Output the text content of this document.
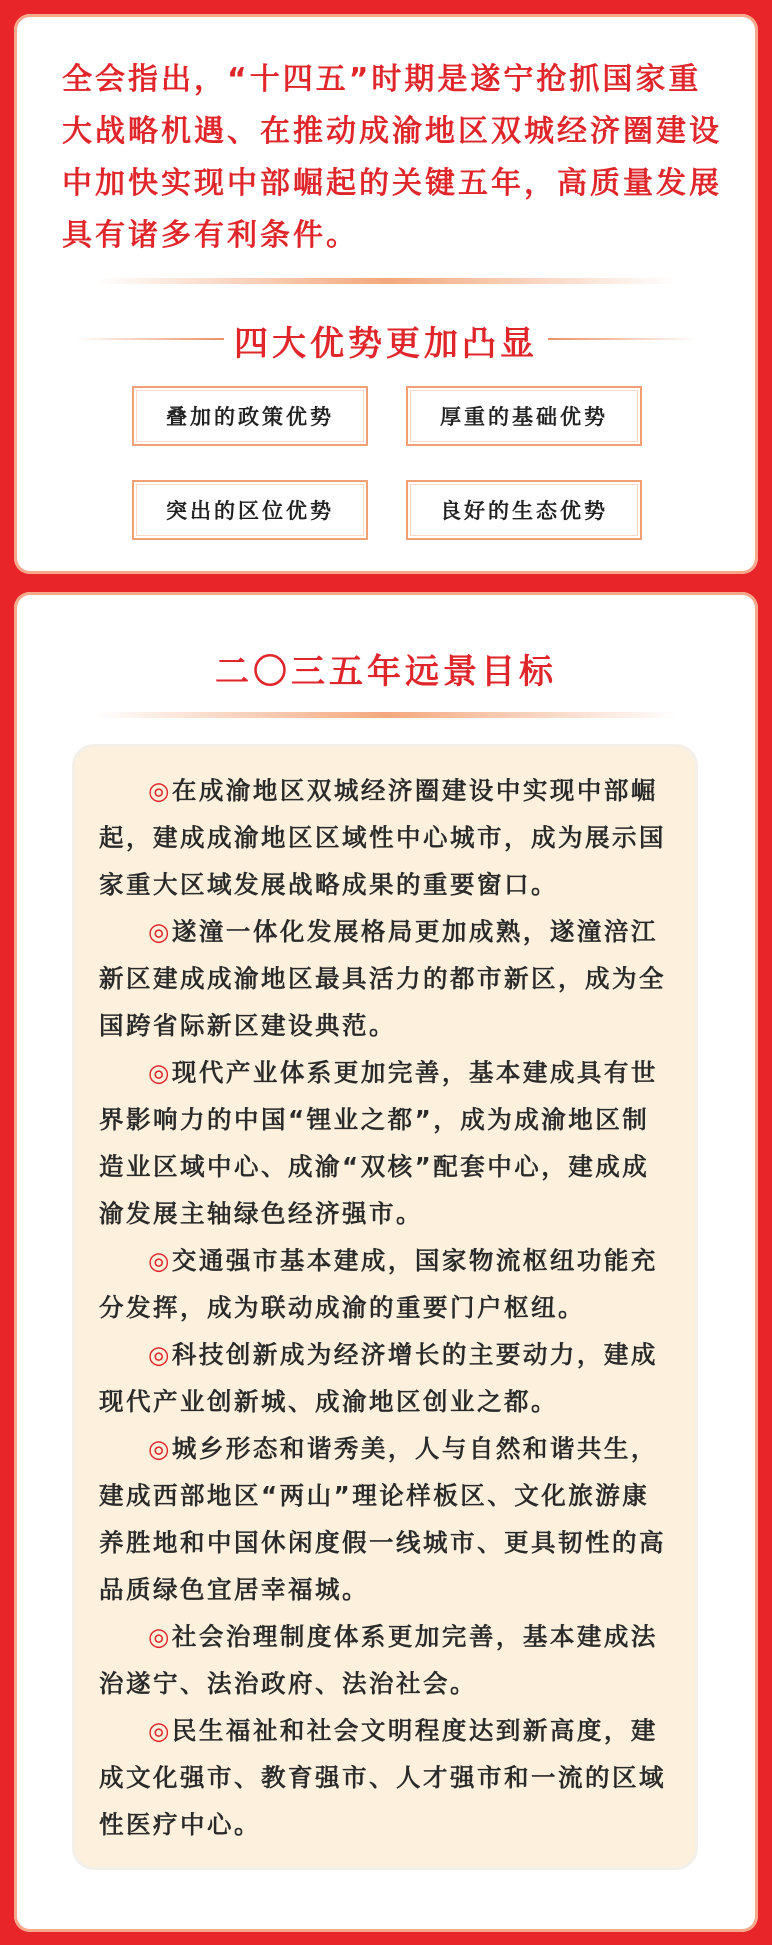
全会指出，“十四五”时期是遂宁抢抓国家重大战略机遇、在推动成渝地区双城经济圈建设中加快实现中部崛起的关键五年，高质量发展具有诸多有利条件。

四大优势更加凸显
叠加的政策优势	厚重的基础优势
突出的区位优势	良好的生态优势
二〇三五年远景目标
◎在成渝地区双城经济圈建设中实现中部崛起，建成成渝地区区域性中心城市，成为展示国家重大区域发展战略成果的重要窗口。
◎遂潼一体化发展格局更加成熟，遂潼涪江新区建成成渝地区最具活力的都市新区，成为全国跨省际新区建设典范。
◎现代产业体系更加完善，基本建成具有世界影响力的中国“锂业之都”，成为成渝地区制造业区域中心、成渝“双核”配套中心，建成成渝发展主轴绿色经济强市。
◎交通强市基本建成，国家物流枢纽功能充分发挥，成为联动成渝的重要门户枢纽。
◎科技创新成为经济增长的主要动力，建成现代产业创新城、成渝地区创业之都。
◎城乡形态和谐秀美，人与自然和谐共生，建成西部地区“两山”理论样板区、文化旅游康养胜地和中国休闲度假一线城市、更具韧性的高品质绿色宜居幸福城。
◎社会治理制度体系更加完善，基本建成法治遂宁、法治政府、法治社会。
◎民生福祉和社会文明程度达到新高度，建成文化强市、教育强市、人才强市和一流的区域性医疗中心。
